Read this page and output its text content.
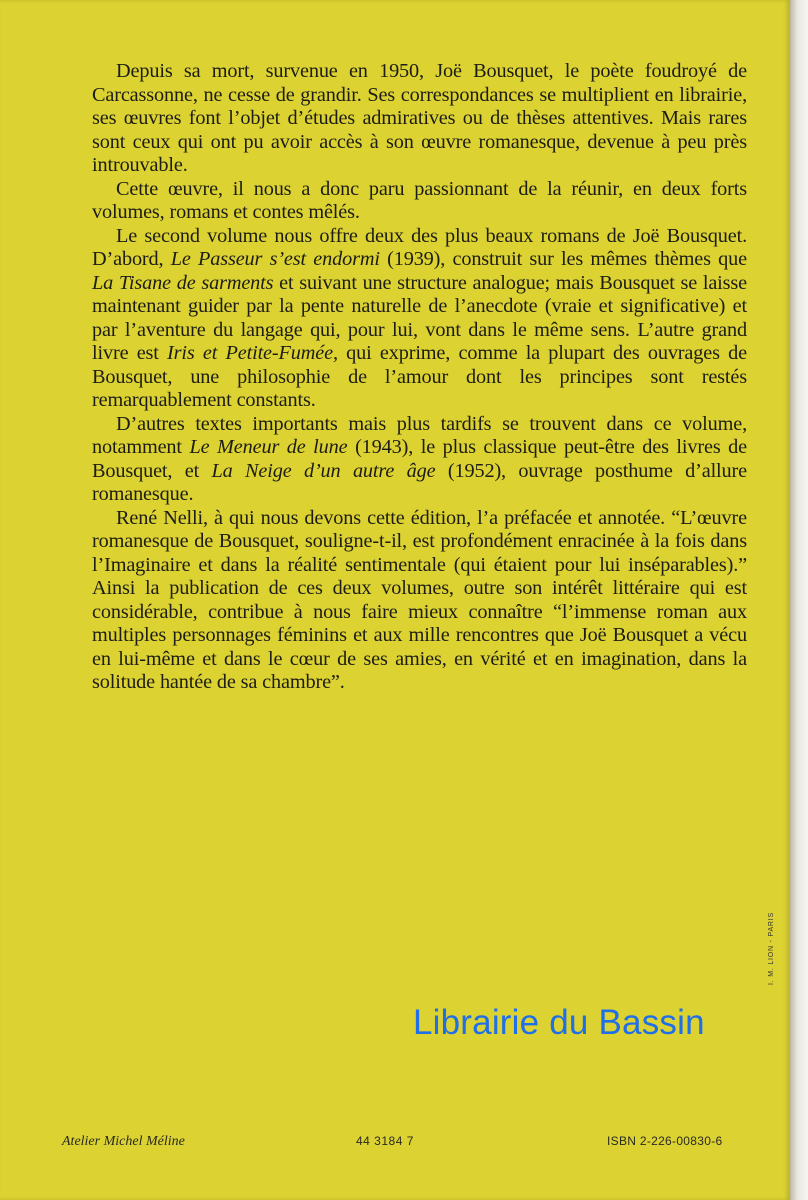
Depuis sa mort, survenue en 1950, Joë Bousquet, le poète foudroyé de Carcassonne, ne cesse de grandir. Ses correspondances se multiplient en librairie, ses œuvres font l’objet d’études admiratives ou de thèses attentives. Mais rares sont ceux qui ont pu avoir accès à son œuvre romanesque, devenue à peu près introuvable.

Cette œuvre, il nous a donc paru passionnant de la réunir, en deux forts volumes, romans et contes mêlés.

Le second volume nous offre deux des plus beaux romans de Joë Bousquet. D’abord, Le Passeur s’est endormi (1939), construit sur les mêmes thèmes que La Tisane de sarments et suivant une structure analogue; mais Bousquet se laisse maintenant guider par la pente naturelle de l’anecdote (vraie et significative) et par l’aventure du langage qui, pour lui, vont dans le même sens. L’autre grand livre est Iris et Petite-Fumée, qui exprime, comme la plupart des ouvrages de Bousquet, une philosophie de l’amour dont les principes sont restés remarquablement constants.

D’autres textes importants mais plus tardifs se trouvent dans ce volume, notamment Le Meneur de lune (1943), le plus classique peut-être des livres de Bousquet, et La Neige d’un autre âge (1952), ouvrage posthume d’allure romanesque.

René Nelli, à qui nous devons cette édition, l’a préfacée et annotée. “L’œuvre romanesque de Bousquet, souligne-t-il, est profondément enracinée à la fois dans l’Imaginaire et dans la réalité sentimentale (qui étaient pour lui inséparables).” Ainsi la publication de ces deux volumes, outre son intérêt littéraire qui est considérable, contribue à nous faire mieux connaître “l’immense roman aux multiples personnages féminins et aux mille rencontres que Joë Bousquet a vécu en lui-même et dans le cœur de ses amies, en vérité et en imagination, dans la solitude hantée de sa chambre”.

Librairie du Bassin
I. M. LION - PARIS
Atelier Michel Méline	44 3184 7	ISBN 2-226-00830-6
